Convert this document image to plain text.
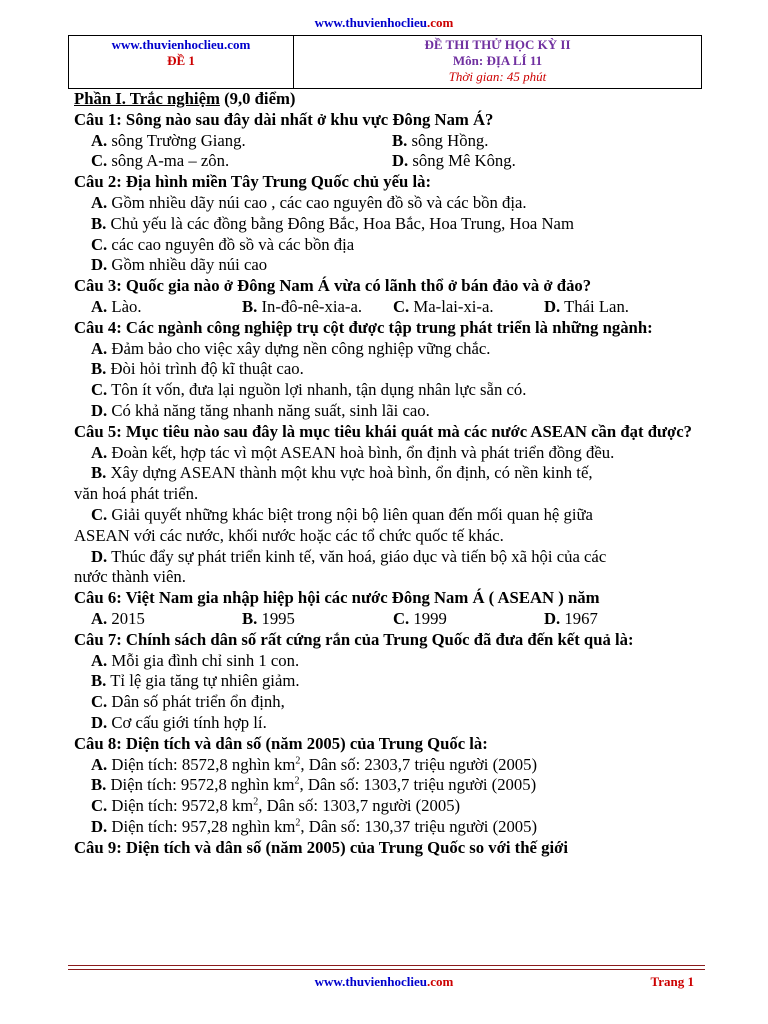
www.thuvienhoclieu.com
www.thuvienhoclieu.com
ĐỀ 1

ĐỀ THI THỬ HỌC KỲ II
Môn: ĐỊA LÍ 11
Thời gian: 45 phút
Phần I. Trắc nghiệm (9,0 điểm)
Câu 1: Sông nào sau đây dài nhất ở khu vực Đông Nam Á?
A. sông Trường Giang.	B. sông Hồng.
C. sông A-ma – zôn.	D. sông Mê Kông.
Câu 2: Địa hình miền Tây Trung Quốc chủ yếu là:
A. Gồm nhiều dãy núi cao , các cao nguyên đồ sồ và các bồn địa.
B. Chủ yếu là các đồng bằng Đông Bắc, Hoa Bắc, Hoa Trung, Hoa Nam
C. các cao nguyên đồ sồ và các bồn địa
D. Gồm nhiều dãy núi cao
Câu 3: Quốc gia nào ở Đông Nam Á vừa có lãnh thổ ở bán đảo và ở đảo?
A. Lào.	B. In-đô-nê-xia-a.	C. Ma-lai-xi-a.	D. Thái Lan.
Câu 4: Các ngành công nghiệp trụ cột được tập trung phát triển là những ngành:
A. Đảm bảo cho việc xây dựng nền công nghiệp vững chắc.
B. Đòi hỏi trình độ kĩ thuật cao.
C. Tôn ít vốn, đưa lại nguồn lợi nhanh, tận dụng nhân lực sẵn có.
D. Có khả năng tăng nhanh năng suất, sinh lãi cao.
Câu 5: Mục tiêu nào sau đây là mục tiêu khái quát mà các nước ASEAN cần đạt được?
A. Đoàn kết, hợp tác vì một ASEAN hoà bình, ổn định và phát triển đồng đều.
B. Xây dựng ASEAN thành một khu vực hoà bình, ổn định, có nền kinh tế,
văn hoá phát triển.
C. Giải quyết những khác biệt trong nội bộ liên quan đến mối quan hệ giữa
ASEAN với các nước, khối nước hoặc các tổ chức quốc tế khác.
D. Thúc đẩy sự phát triển kinh tế, văn hoá, giáo dục và tiến bộ xã hội của các
nước thành viên.
Câu 6: Việt Nam gia nhập hiệp hội các nước Đông Nam Á ( ASEAN ) năm
A. 2015	B. 1995	C. 1999	D. 1967
Câu 7: Chính sách dân số rất cứng rắn của Trung Quốc đã đưa đến kết quả là:
A. Mỗi gia đình chỉ sinh 1 con.
B. Tỉ lệ gia tăng tự nhiên giảm.
C. Dân số phát triển ổn định,
D. Cơ cấu giới tính hợp lí.
Câu 8: Diện tích và dân số (năm 2005) của Trung Quốc là:
A. Diện tích: 8572,8 nghìn $km^2$, Dân số: 2303,7 triệu người (2005)
B. Diện tích: 9572,8 nghìn $km^2$, Dân số: 1303,7 triệu người (2005)
C. Diện tích: 9572,8 $km^2$, Dân số: 1303,7 người (2005)
D. Diện tích: 957,28 nghìn $km^2$, Dân số: 130,37 triệu người (2005)
Câu 9: Diện tích và dân số (năm 2005) của Trung Quốc so với thế giới
www.thuvienhoclieu.com	Trang 1
